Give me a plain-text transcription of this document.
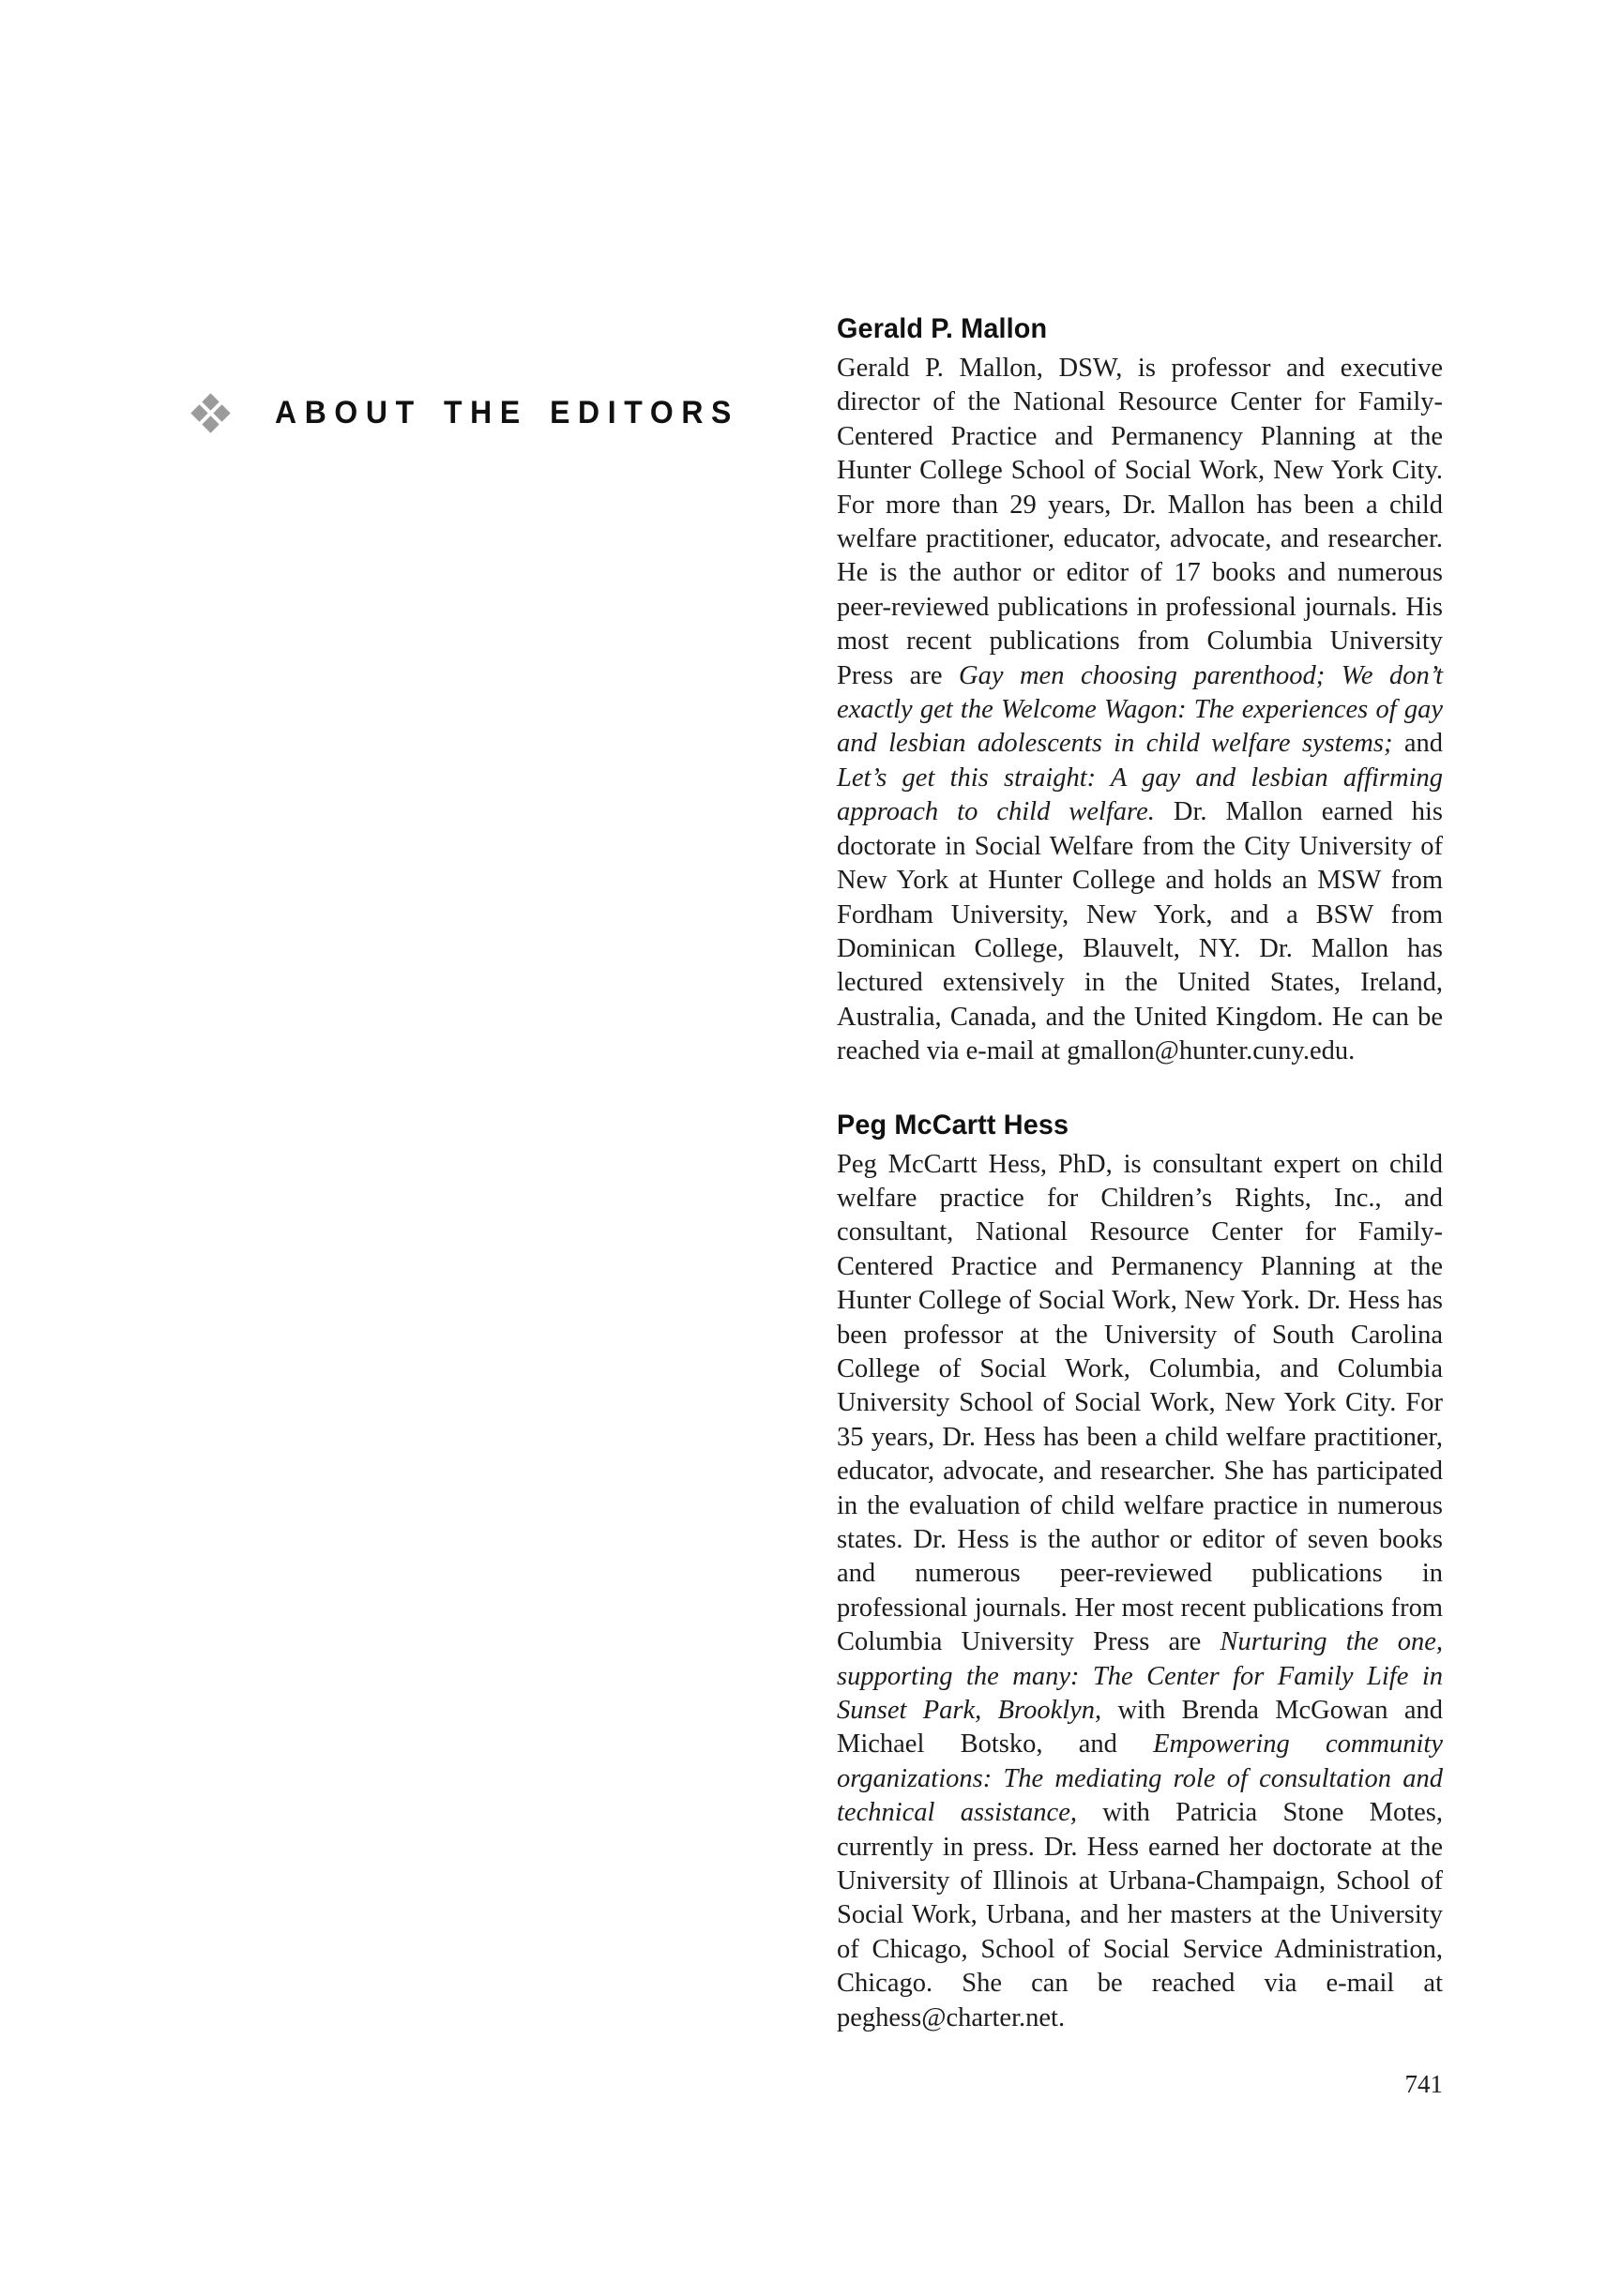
ABOUT THE EDITORS
Gerald P. Mallon

Gerald P. Mallon, DSW, is professor and executive director of the National Resource Center for Family-Centered Practice and Permanency Planning at the Hunter College School of Social Work, New York City. For more than 29 years, Dr. Mallon has been a child welfare practitioner, educator, advocate, and researcher. He is the author or editor of 17 books and numerous peer-reviewed publications in professional journals. His most recent publications from Columbia University Press are Gay men choosing parenthood; We don’t exactly get the Welcome Wagon: The experiences of gay and lesbian adolescents in child welfare systems; and Let’s get this straight: A gay and lesbian affirming approach to child welfare. Dr. Mallon earned his doctorate in Social Welfare from the City University of New York at Hunter College and holds an MSW from Fordham University, New York, and a BSW from Dominican College, Blauvelt, NY. Dr. Mallon has lectured extensively in the United States, Ireland, Australia, Canada, and the United Kingdom. He can be reached via e-mail at gmallon@hunter.cuny.edu.

Peg McCartt Hess

Peg McCartt Hess, PhD, is consultant expert on child welfare practice for Children’s Rights, Inc., and consultant, National Resource Center for Family-Centered Practice and Permanency Planning at the Hunter College of Social Work, New York. Dr. Hess has been professor at the University of South Carolina College of Social Work, Columbia, and Columbia University School of Social Work, New York City. For 35 years, Dr. Hess has been a child welfare practitioner, educator, advocate, and researcher. She has participated in the evaluation of child welfare practice in numerous states. Dr. Hess is the author or editor of seven books and numerous peer-reviewed publications in professional journals. Her most recent publications from Columbia University Press are Nurturing the one, supporting the many: The Center for Family Life in Sunset Park, Brooklyn, with Brenda McGowan and Michael Botsko, and Empowering community organizations: The mediating role of consultation and technical assistance, with Patricia Stone Motes, currently in press. Dr. Hess earned her doctorate at the University of Illinois at Urbana-Champaign, School of Social Work, Urbana, and her masters at the University of Chicago, School of Social Service Administration, Chicago. She can be reached via e-mail at peghess@charter.net.

741
